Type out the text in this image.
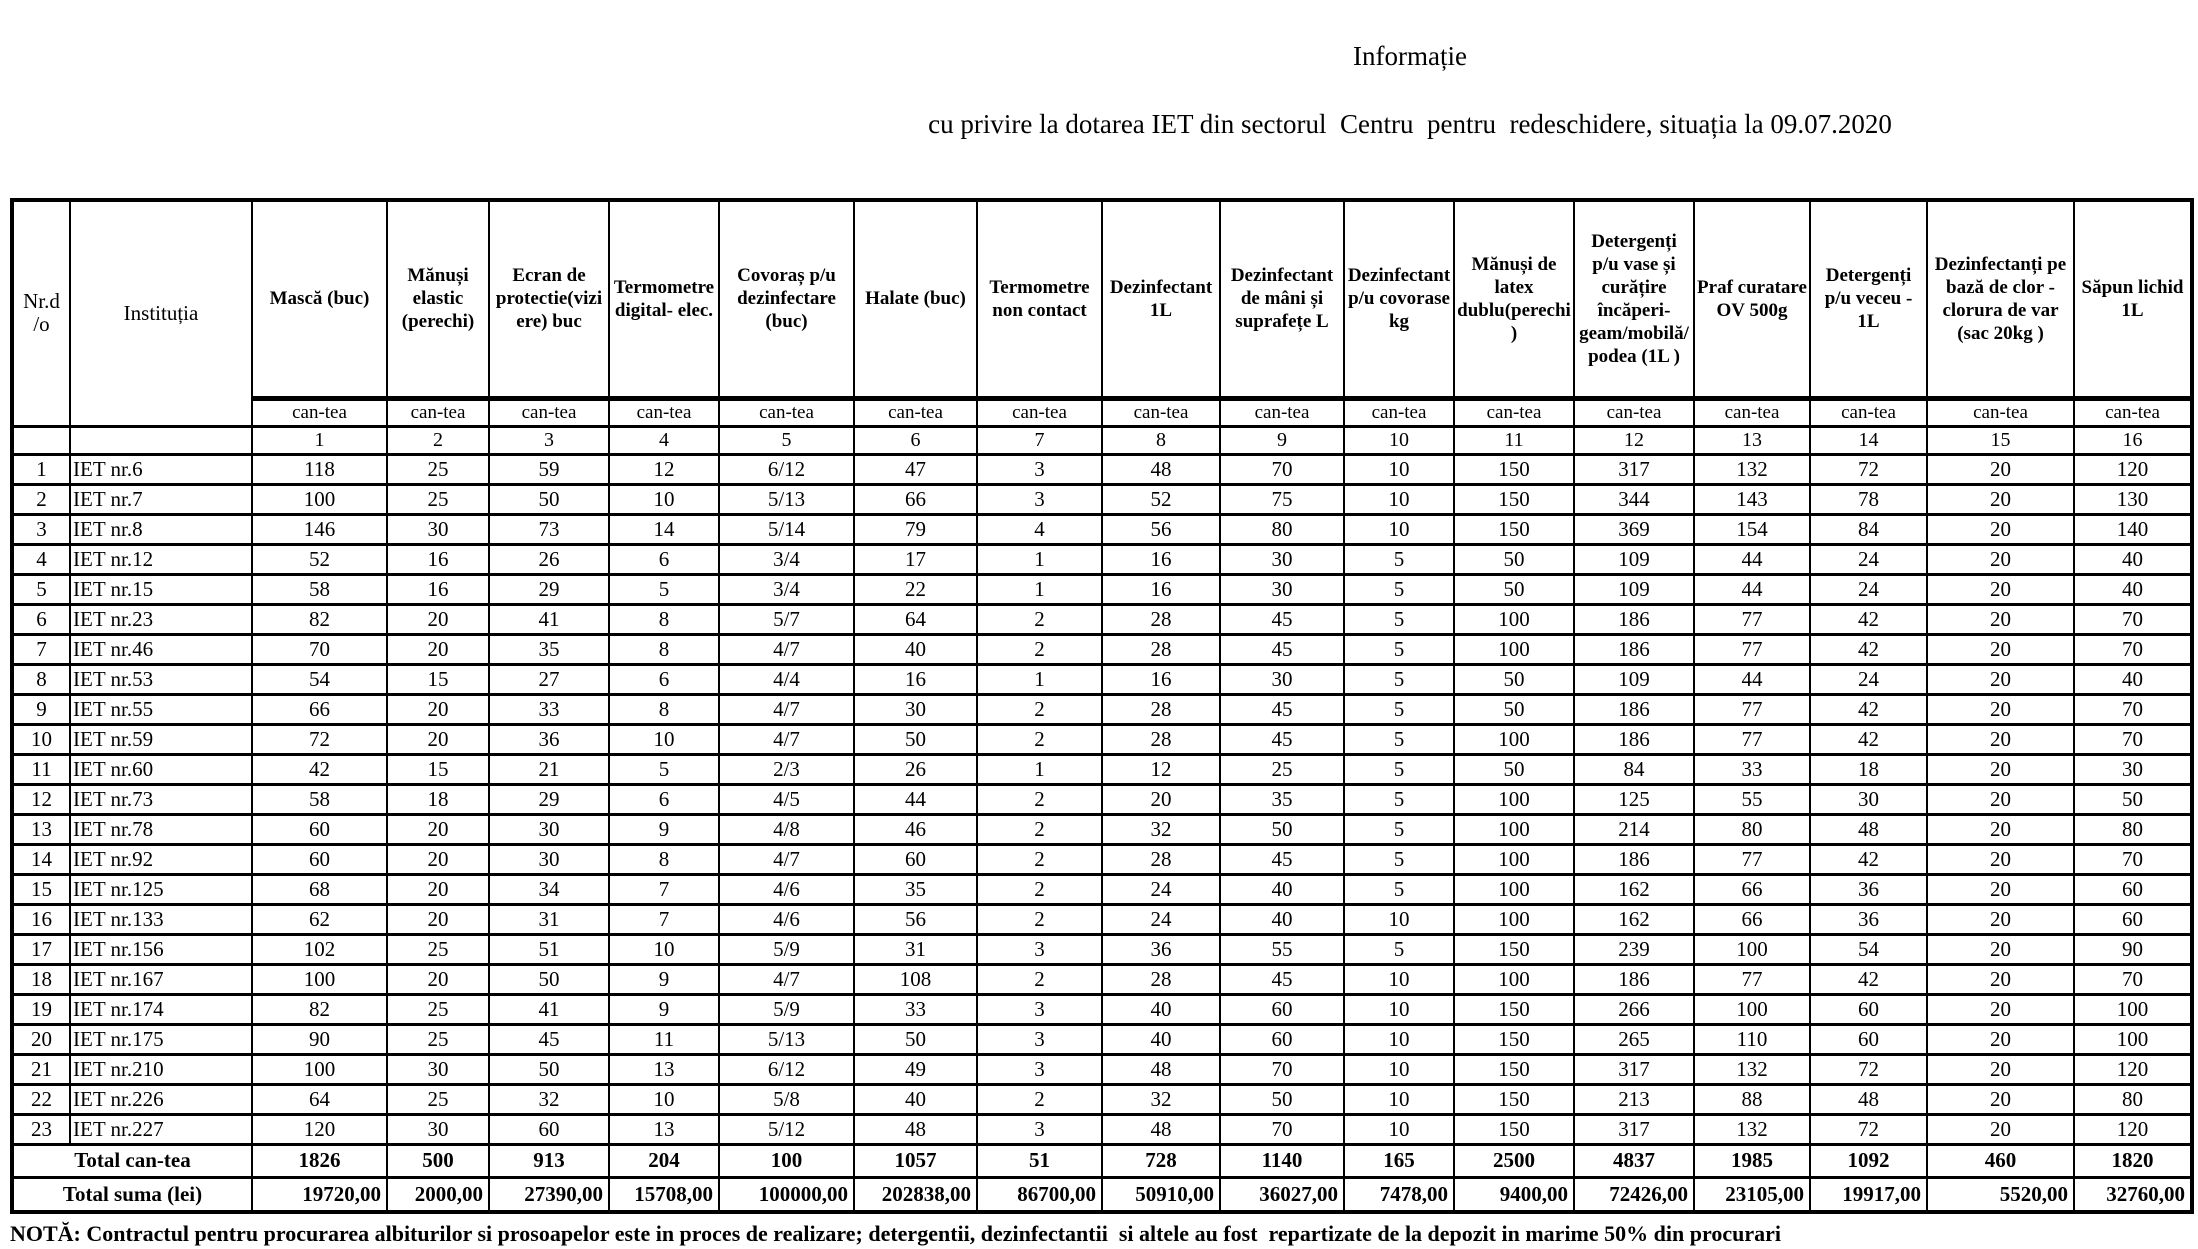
Informație

cu privire la dotarea IET din sectorul  Centru  pentru  redeschidere, situația la 09.07.2020

Nr.d /o	Instituția	Mască (buc)	Mănuși elastic (perechi)	Ecran de protectie(viziere) buc	Termometre digital- elec.	Covoraș p/u dezinfectare (buc)	Halate (buc)	Termometre non contact	Dezinfectant 1L	Dezinfectant de mâni și suprafețe L	Dezinfectant p/u covorase kg	Mănuși de latex dublu(perechi)	Detergenți p/u vase și curățire încăperi-geam/mobilă/podea (1L )	Praf curatare OV 500g	Detergenți p/u veceu - 1L	Dezinfectanți pe bază de clor -clorura de var (sac 20kg )	Săpun lichid 1L
		can-tea	can-tea	can-tea	can-tea	can-tea	can-tea	can-tea	can-tea	can-tea	can-tea	can-tea	can-tea	can-tea	can-tea	can-tea	can-tea
		1	2	3	4	5	6	7	8	9	10	11	12	13	14	15	16
1	IET nr.6	118	25	59	12	6/12	47	3	48	70	10	150	317	132	72	20	120
2	IET nr.7	100	25	50	10	5/13	66	3	52	75	10	150	344	143	78	20	130
3	IET nr.8	146	30	73	14	5/14	79	4	56	80	10	150	369	154	84	20	140
4	IET nr.12	52	16	26	6	3/4	17	1	16	30	5	50	109	44	24	20	40
5	IET nr.15	58	16	29	5	3/4	22	1	16	30	5	50	109	44	24	20	40
6	IET nr.23	82	20	41	8	5/7	64	2	28	45	5	100	186	77	42	20	70
7	IET nr.46	70	20	35	8	4/7	40	2	28	45	5	100	186	77	42	20	70
8	IET nr.53	54	15	27	6	4/4	16	1	16	30	5	50	109	44	24	20	40
9	IET nr.55	66	20	33	8	4/7	30	2	28	45	5	50	186	77	42	20	70
10	IET nr.59	72	20	36	10	4/7	50	2	28	45	5	100	186	77	42	20	70
11	IET nr.60	42	15	21	5	2/3	26	1	12	25	5	50	84	33	18	20	30
12	IET nr.73	58	18	29	6	4/5	44	2	20	35	5	100	125	55	30	20	50
13	IET nr.78	60	20	30	9	4/8	46	2	32	50	5	100	214	80	48	20	80
14	IET nr.92	60	20	30	8	4/7	60	2	28	45	5	100	186	77	42	20	70
15	IET nr.125	68	20	34	7	4/6	35	2	24	40	5	100	162	66	36	20	60
16	IET nr.133	62	20	31	7	4/6	56	2	24	40	10	100	162	66	36	20	60
17	IET nr.156	102	25	51	10	5/9	31	3	36	55	5	150	239	100	54	20	90
18	IET nr.167	100	20	50	9	4/7	108	2	28	45	10	100	186	77	42	20	70
19	IET nr.174	82	25	41	9	5/9	33	3	40	60	10	150	266	100	60	20	100
20	IET nr.175	90	25	45	11	5/13	50	3	40	60	10	150	265	110	60	20	100
21	IET nr.210	100	30	50	13	6/12	49	3	48	70	10	150	317	132	72	20	120
22	IET nr.226	64	25	32	10	5/8	40	2	32	50	10	150	213	88	48	20	80
23	IET nr.227	120	30	60	13	5/12	48	3	48	70	10	150	317	132	72	20	120
Total can-tea		1826	500	913	204	100	1057	51	728	1140	165	2500	4837	1985	1092	460	1820
Total suma (lei)		19720,00	2000,00	27390,00	15708,00	100000,00	202838,00	86700,00	50910,00	36027,00	7478,00	9400,00	72426,00	23105,00	19917,00	5520,00	32760,00
NOTĂ: Contractul pentru procurarea albiturilor si prosoapelor este in proces de realizare; detergentii, dezinfectantii  si altele au fost  repartizate de la depozit in marime 50% din procurari
